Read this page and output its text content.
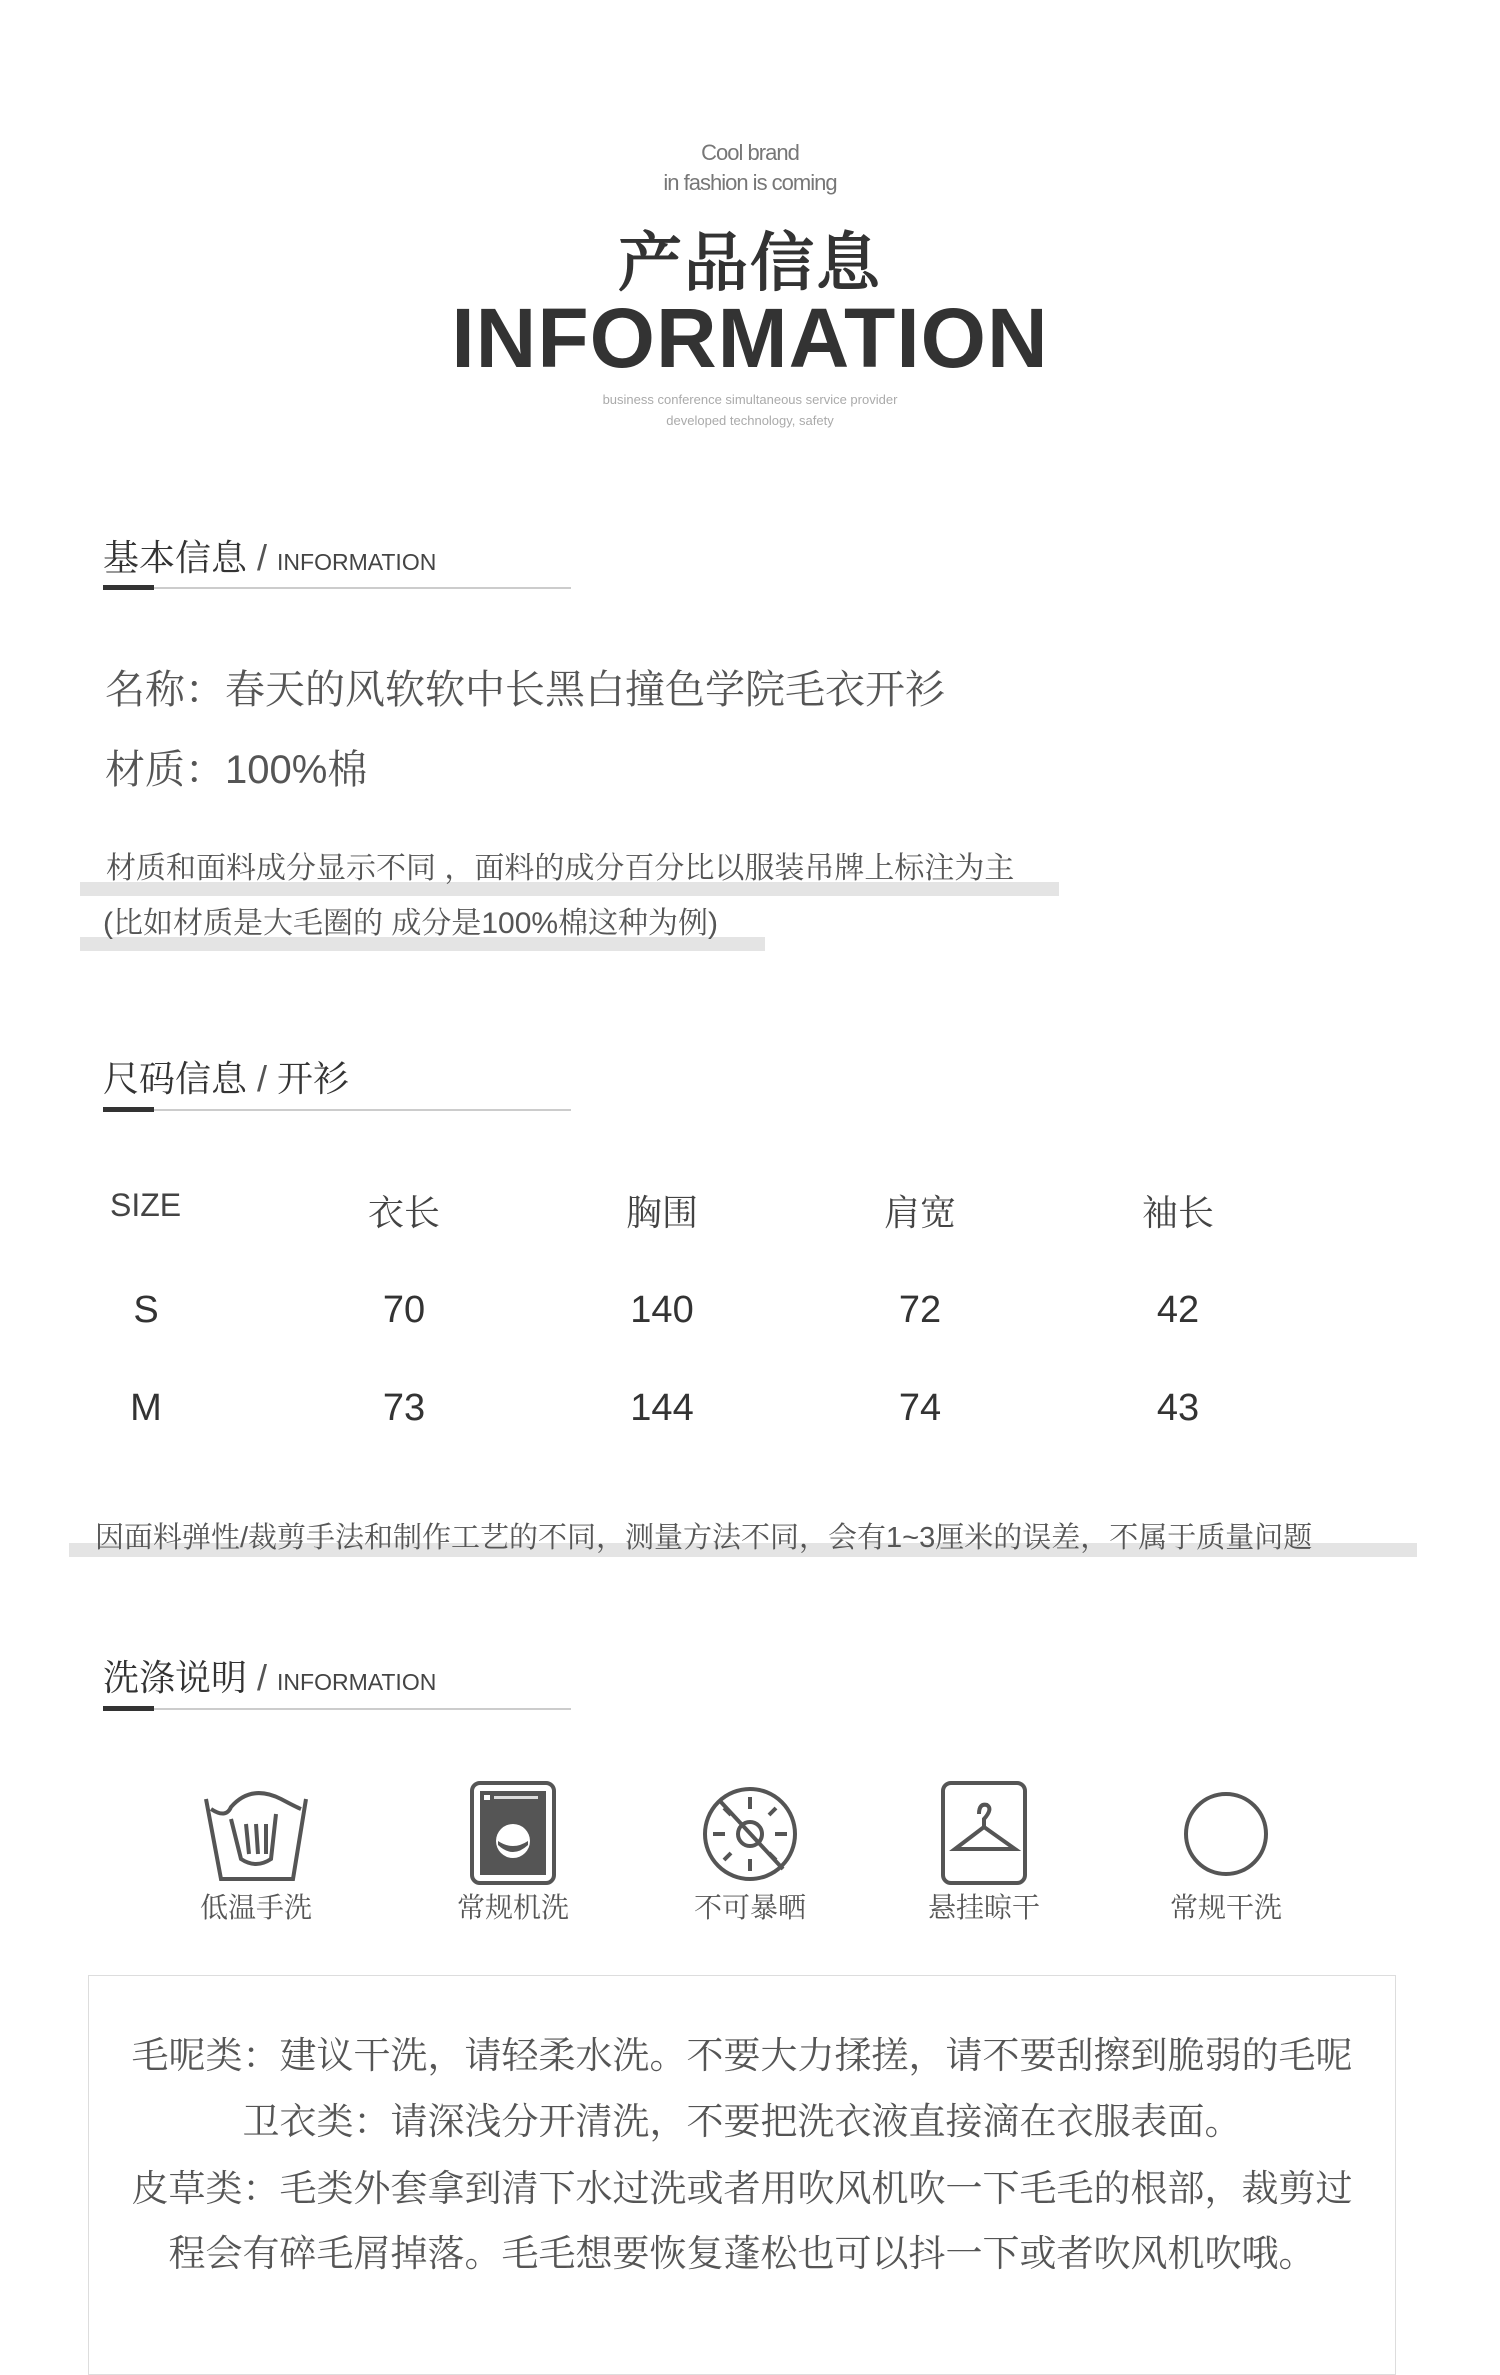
Cool brand
in fashion is coming
产品信息
INFORMATION
business conference simultaneous service provider
developed technology, safety
基本信息 / INFORMATION
名称：春天的风软软中长黑白撞色学院毛衣开衫
材质：100%棉
材质和面料成分显示不同 ，面料的成分百分比以服装吊牌上标注为主
(比如材质是大毛圈的 成分是100%棉这种为例)
尺码信息 / 开衫
SIZE	衣长	胸围	肩宽	袖长
S	70	140	72	42
M	73	144	74	43
因面料弹性/裁剪手法和制作工艺的不同，测量方法不同，会有1~3厘米的误差，不属于质量问题
洗涤说明 / INFORMATION
低温手洗	常规机洗	不可暴晒	悬挂晾干	常规干洗
毛呢类：建议干洗，请轻柔水洗。不要大力揉搓，请不要刮擦到脆弱的毛呢
卫衣类：请深浅分开清洗，不要把洗衣液直接滴在衣服表面。
皮草类：毛类外套拿到清下水过洗或者用吹风机吹一下毛毛的根部，裁剪过
程会有碎毛屑掉落。毛毛想要恢复蓬松也可以抖一下或者吹风机吹哦。
